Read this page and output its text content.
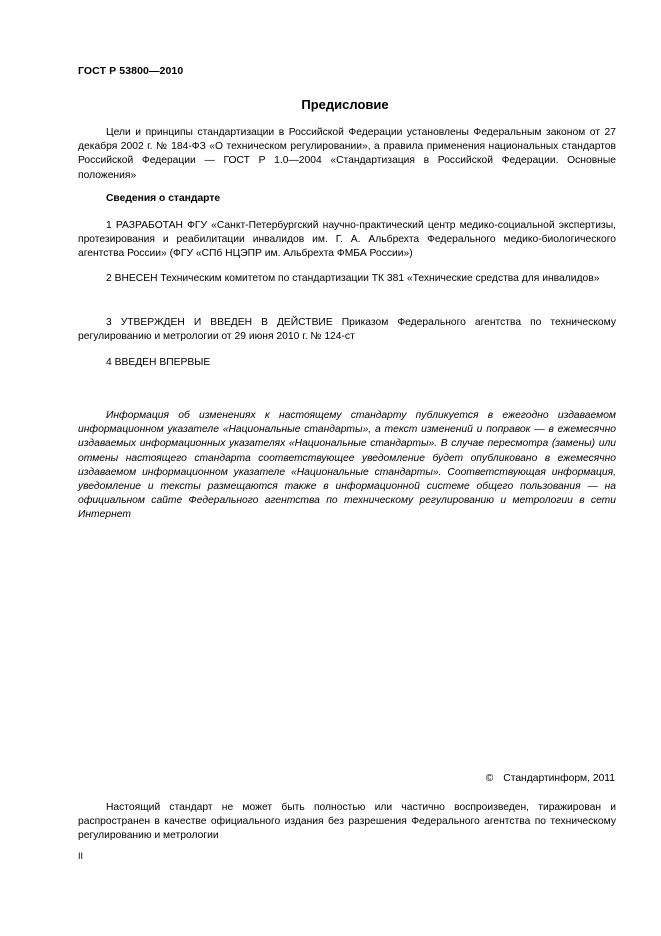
ГОСТ Р 53800—2010
Предисловие
Цели и принципы стандартизации в Российской Федерации установлены Федеральным законом от 27 декабря 2002 г. № 184-ФЗ «О техническом регулировании», а правила применения национальных стандартов Российской Федерации — ГОСТ Р 1.0—2004 «Стандартизация в Российской Федерации. Основные положения»
Сведения о стандарте
1 РАЗРАБОТАН ФГУ «Санкт-Петербургский научно-практический центр медико-социальной экспертизы, протезирования и реабилитации инвалидов им. Г. А. Альбрехта Федерального медико-биологического агентства России» (ФГУ «СПб НЦЭПР им. Альбрехта ФМБА России»)
2 ВНЕСЕН Техническим комитетом по стандартизации ТК 381 «Технические средства для инвалидов»
3 УТВЕРЖДЕН И ВВЕДЕН В ДЕЙСТВИЕ Приказом Федерального агентства по техническому регулированию и метрологии от 29 июня 2010 г. № 124-ст
4 ВВЕДЕН ВПЕРВЫЕ
Информация об изменениях к настоящему стандарту публикуется в ежегодно издаваемом информационном указателе «Национальные стандарты», а текст изменений и поправок — в ежемесячно издаваемых информационных указателях «Национальные стандарты». В случае пересмотра (замены) или отмены настоящего стандарта соответствующее уведомление будет опубликовано в ежемесячно издаваемом информационном указателе «Национальные стандарты». Соответствующая информация, уведомление и тексты размещаются также в информационной системе общего пользования — на официальном сайте Федерального агентства по техническому регулированию и метрологии в сети Интернет
© Стандартинформ, 2011
Настоящий стандарт не может быть полностью или частично воспроизведен, тиражирован и распространен в качестве официального издания без разрешения Федерального агентства по техническому регулированию и метрологии
II
